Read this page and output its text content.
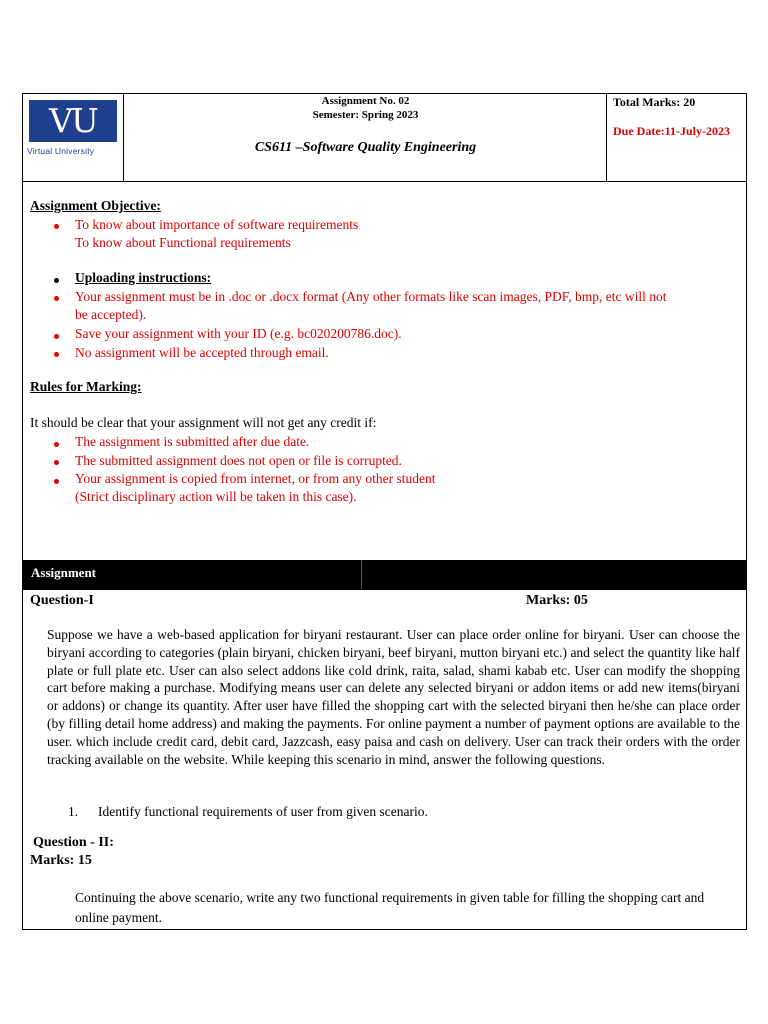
VU
Virtual University
Assignment No. 02
Semester: Spring 2023
CS611 –Software Quality Engineering
Total Marks: 20
Due Date:11-July-2023
Assignment Objective:
To know about importance of software requirements
To know about Functional requirements
Uploading instructions:
Your assignment must be in .doc or .docx format (Any other formats like scan images, PDF, bmp, etc will not
be accepted).
Save your assignment with your ID (e.g. bc020200786.doc).
No assignment will be accepted through email.
Rules for Marking:
It should be clear that your assignment will not get any credit if:
The assignment is submitted after due date.
The submitted assignment does not open or file is corrupted.
Your assignment is copied from internet, or from any other student
(Strict disciplinary action will be taken in this case).
Assignment
Question-I	Marks: 05
Suppose we have a web-based application for biryani restaurant. User can place order online for biryani. User can choose the biryani according to categories (plain biryani, chicken biryani, beef biryani, mutton biryani etc.) and select the quantity like half plate or full plate etc. User can also select addons like cold drink, raita, salad, shami kabab etc. User can modify the shopping cart before making a purchase. Modifying means user can delete any selected biryani or addon items or add new items(biryani or addons) or change its quantity. After user have filled the shopping cart with the selected biryani then he/she can place order (by filling detail home address) and making the payments. For online payment a number of payment options are available to the user. which include credit card, debit card, Jazzcash, easy paisa and cash on delivery. User can track their orders with the order tracking available on the website. While keeping this scenario in mind, answer the following questions.
1. Identify functional requirements of user from given scenario.
Question - II:
Marks: 15
Continuing the above scenario, write any two functional requirements in given table for filling the shopping cart and online payment.
